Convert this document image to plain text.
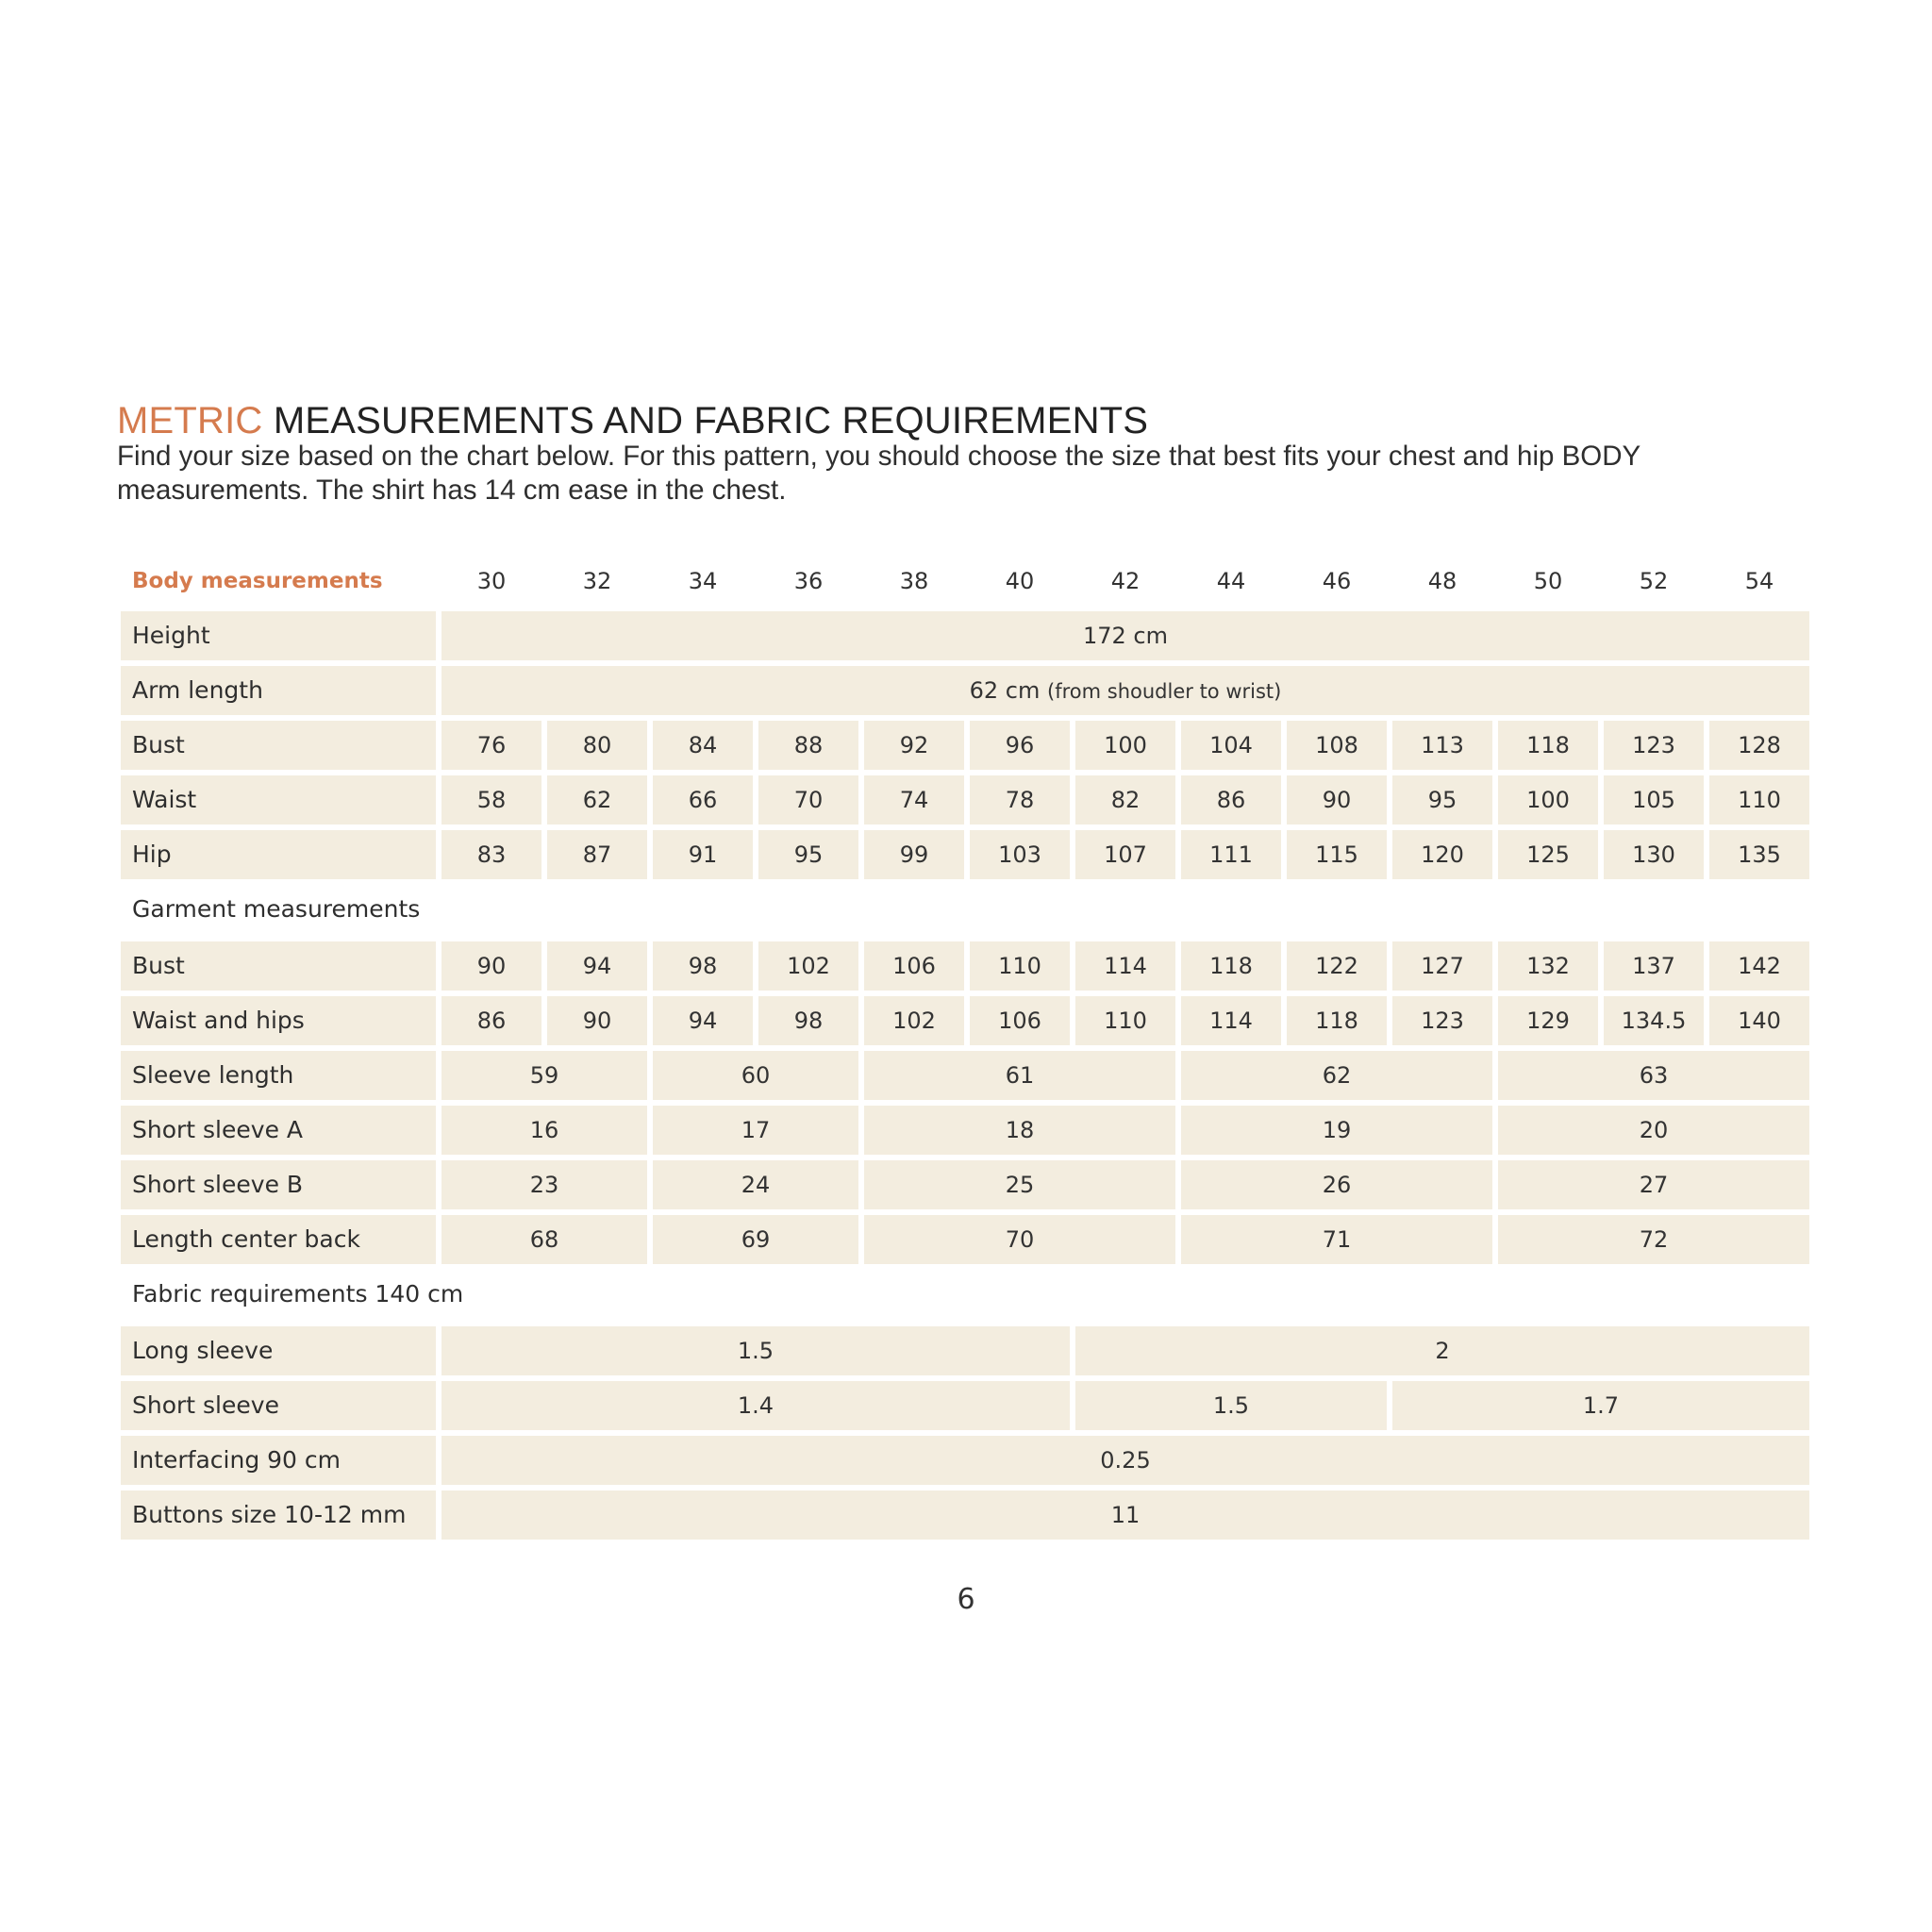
METRIC MEASUREMENTS AND FABRIC REQUIREMENTS

Find your size based on the chart below. For this pattern, you should choose the size that best fits your chest and hip BODY measurements. The shirt has 14 cm ease in the chest.

Body measurements	30	32	34	36	38	40	42	44	46	48	50	52	54
Height	172 cm
Arm length	62 cm (from shoudler to wrist)
Bust	76	80	84	88	92	96	100	104	108	113	118	123	128
Waist	58	62	66	70	74	78	82	86	90	95	100	105	110
Hip	83	87	91	95	99	103	107	111	115	120	125	130	135
Garment measurements
Bust	90	94	98	102	106	110	114	118	122	127	132	137	142
Waist and hips	86	90	94	98	102	106	110	114	118	123	129	134.5	140
Sleeve length	59	60	61	62	63
Short sleeve A	16	17	18	19	20
Short sleeve B	23	24	25	26	27
Length center back	68	69	70	71	72
Fabric requirements 140 cm
Long sleeve	1.5	2
Short sleeve	1.4	1.5	1.7
Interfacing 90 cm	0.25
Buttons size 10-12 mm	11
6
